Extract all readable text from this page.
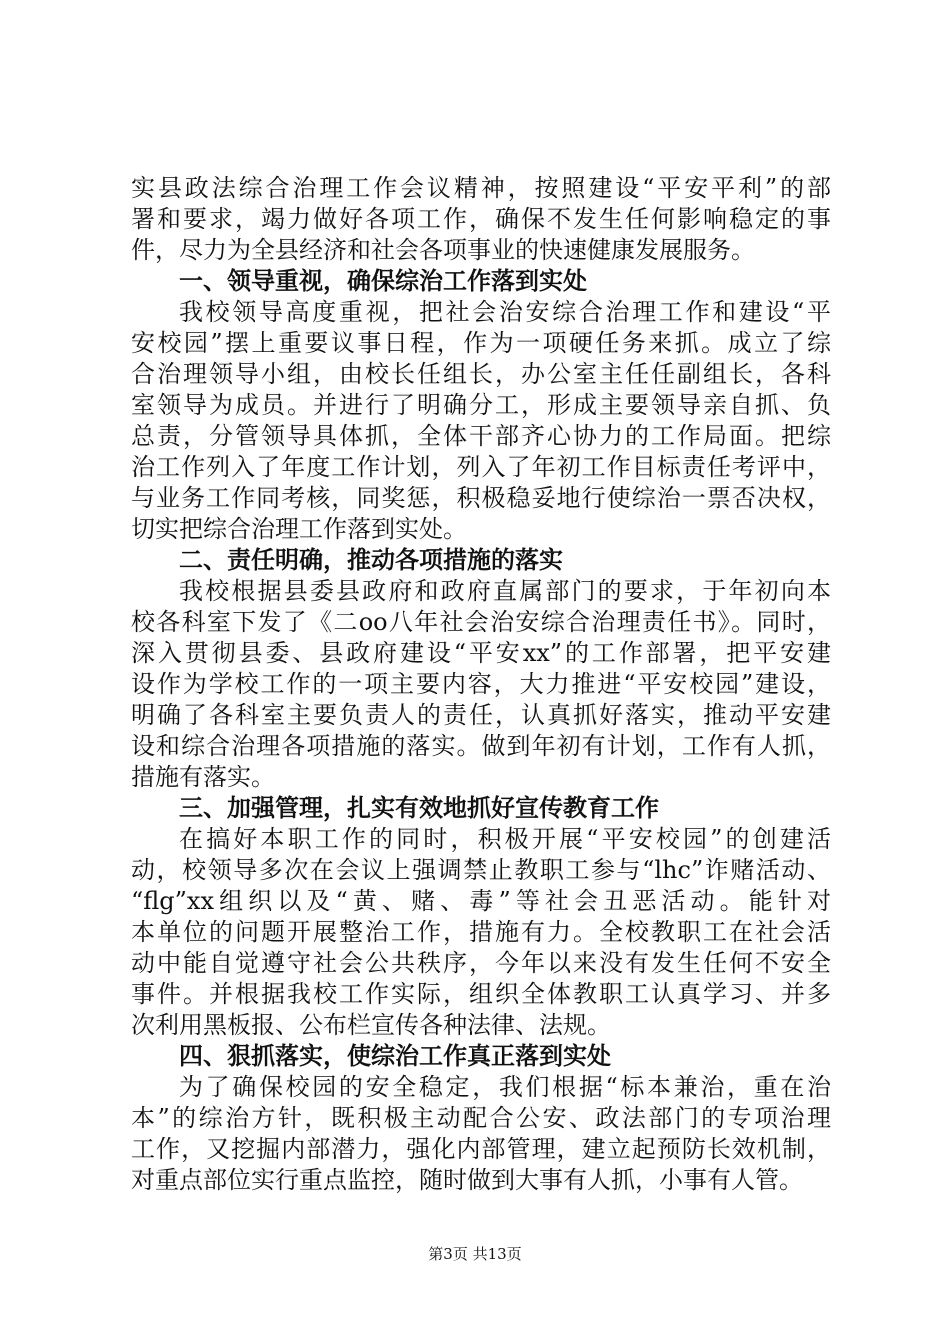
实县政法综合治理工作会议精神，按照建设“平安平利”的部
署和要求，竭力做好各项工作，确保不发生任何影响稳定的事
件，尽力为全县经济和社会各项事业的快速健康发展服务。
一、领导重视，确保综治工作落到实处
我校领导高度重视，把社会治安综合治理工作和建设“平
安校园”摆上重要议事日程，作为一项硬任务来抓。成立了综
合治理领导小组，由校长任组长，办公室主任任副组长，各科
室领导为成员。并进行了明确分工，形成主要领导亲自抓、负
总责，分管领导具体抓，全体干部齐心协力的工作局面。把综
治工作列入了年度工作计划，列入了年初工作目标责任考评中，
与业务工作同考核，同奖惩，积极稳妥地行使综治一票否决权，
切实把综合治理工作落到实处。
二、责任明确，推动各项措施的落实
我校根据县委县政府和政府直属部门的要求，于年初向本
校各科室下发了《二oo八年社会治安综合治理责任书》。同时，
深入贯彻县委、县政府建设“平安xx”的工作部署，把平安建
设作为学校工作的一项主要内容，大力推进“平安校园”建设，
明确了各科室主要负责人的责任，认真抓好落实，推动平安建
设和综合治理各项措施的落实。做到年初有计划，工作有人抓，
措施有落实。
三、加强管理，扎实有效地抓好宣传教育工作
在搞好本职工作的同时，积极开展“平安校园”的创建活
动，校领导多次在会议上强调禁止教职工参与“lhc”诈赌活动、
“flg”xx组织以及“黄、赌、毒”等社会丑恶活动。能针对
本单位的问题开展整治工作，措施有力。全校教职工在社会活
动中能自觉遵守社会公共秩序，今年以来没有发生任何不安全
事件。并根据我校工作实际，组织全体教职工认真学习、并多
次利用黑板报、公布栏宣传各种法律、法规。
四、狠抓落实，使综治工作真正落到实处
为了确保校园的安全稳定，我们根据“标本兼治，重在治
本”的综治方针，既积极主动配合公安、政法部门的专项治理
工作，又挖掘内部潜力，强化内部管理，建立起预防长效机制，
对重点部位实行重点监控，随时做到大事有人抓，小事有人管。
第3页 共13页
